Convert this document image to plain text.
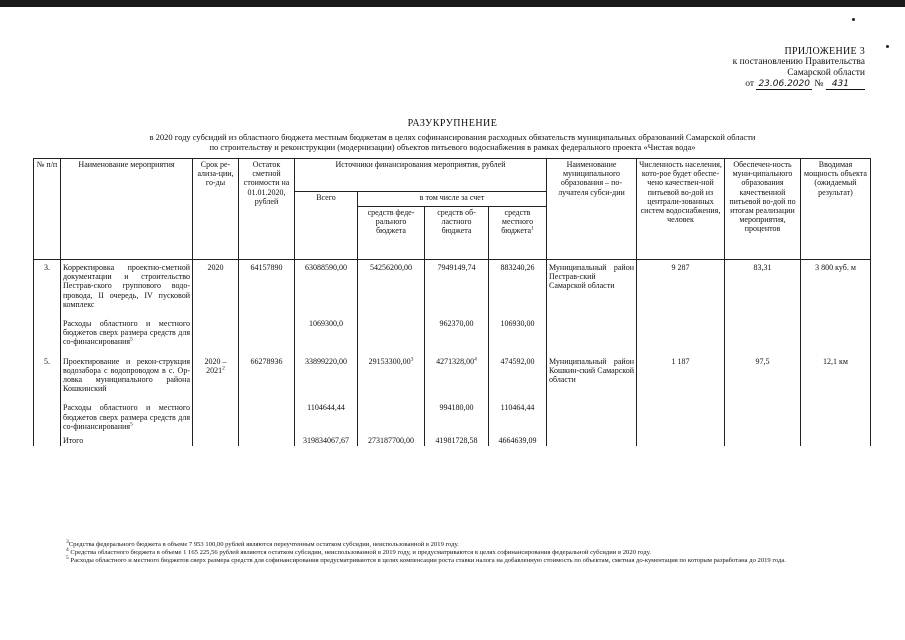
ПРИЛОЖЕНИЕ 3
к постановлению Правительства
Самарской области
от 23.06.2020 № 431
РАЗУКРУПНЕНИЕ
в 2020 году субсидий из областного бюджета местным бюджетам в целях софинансирования расходных обязательств муниципальных образований Самарской области
по строительству и реконструкции (модернизации) объектов питьевого водоснабжения в рамках федерального проекта «Чистая вода»
№ п/п	Наименование мероприятия	Срок ре-ализа-ции, го-ды	Остаток сметной стоимости на 01.01.2020, рублей	Источники финансирования мероприятия, рублей				Наименование муниципального образования – по-лучателя субси-дии	Численность населения, кото-рое будет обеспе-чено качествен-ной питьевой во-дой из централи-зованных систем водоснабжения, человек	Обеспечен-ность муни-ципального образования качественной питьевой во-дой по итогам реализации мероприятия, процентов	Вводимая мощность объекта (ожидаемый результат)
				Всего	в том числе за счет						
					средств феде-рального бюджета	средств об-ластного бюджета	средств местного бюджета$^1$
3.	Корректировка проектно-сметной документации и строительство Пестрав-ского группового водо-провода, II очередь, IV пусковой комплекс	2020	64157890	63088590,00	54256200,00	7949149,74	883240,26	Муниципальный район Пестрав-ский Самарской области	9 287	83,31	3 800 куб. м
	Расходы областного и местного бюджетов сверх размера средств для со-финансирования$^5$			1069300,0		962370,00	106930,00				
5.	Проектирование и рекон-струкция водозабора с водопроводом в с. Ор-ловка муниципального района Кошкинский	2020 – 2021$^2$	66278936	33899220,00	29153300,00$^3$	4271328,00$^4$	474592,00	Муниципальный район Кошкин-ский Самарской области	1 187	97,5	12,1 км
	Расходы областного и местного бюджетов сверх размера средств для со-финансирования$^5$			1104644,44		994180,00	110464,44				
	Итого			319834067,67	273187700,00	41981728,58	4664639,09				

$^3$Средства федерального бюджета в объеме 7 953 100,00 рублей являются переучтенным остатком субсидии, неиспользованной в 2019 году.

$^4$ Средства областного бюджета в объеме 1 165 225,56 рублей являются остатком субсидии, неиспользованной в 2019 году, и предусматриваются в целях софинансирования федеральной субсидии в 2020 году.

$^5$ Расходы областного и местного бюджетов сверх размера средств для софинансирования предусматриваются в целях компенсации роста ставки налога на добавленную стоимость по объектам, сметная до-кументация по которым разработана до 2019 года.
